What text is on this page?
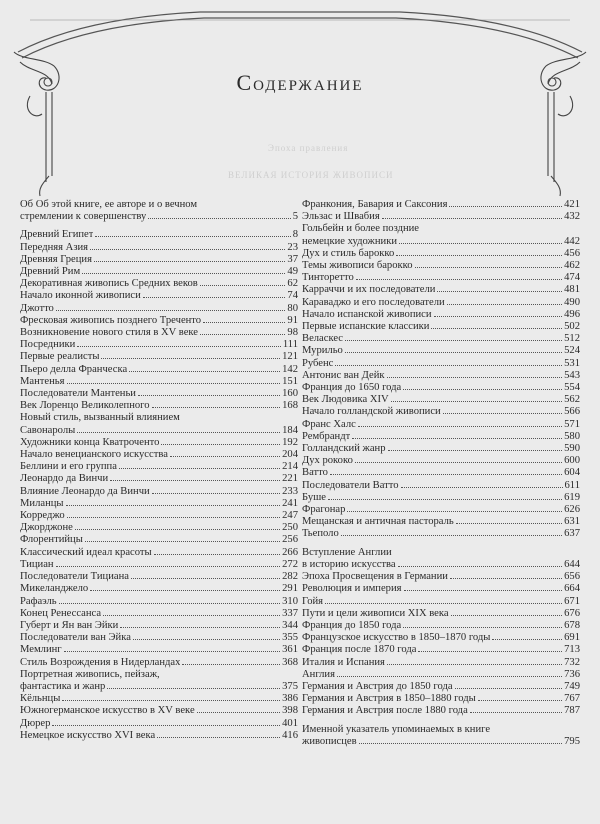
Содержание
Эпоха правления
ВЕЛИКАЯ ИСТОРИЯ ЖИВОПИСИ
Об Об этой книге, ее авторе и о вечном
стремлении к совершенству	5
Древний Египет	8
Передняя Азия	23
Древняя Греция	37
Древний Рим	49
Декоративная живопись Средних веков	62
Начало иконной живописи	74
Джотто	80
Фресковая живопись позднего Треченто	91
Возникновение нового стиля в XV веке	98
Посредники	111
Первые реалисты	121
Пьеро делла Франческа	142
Мантенья	151
Последователи Мантеньи	160
Век Лоренцо Великолепного	168
Новый стиль, вызванный влиянием
Савонаролы	184
Художники конца Кватроченто	192
Начало венецианского искусства	204
Беллини и его группа	214
Леонардо да Винчи	221
Влияние Леонардо да Винчи	233
Миланцы	241
Корреджо	247
Джорджоне	250
Флорентийцы	256
Классический идеал красоты	266
Тициан	272
Последователи Тициана	282
Микеланджело	291
Рафаэль	310
Конец Ренессанса	337
Губерт и Ян ван Эйки	344
Последователи ван Эйка	355
Мемлинг	361
Стиль Возрождения в Нидерландах	368
Портретная живопись, пейзаж,
фантастика и жанр	375
Кёльнцы	386
Южногерманское искусство в XV веке	398
Дюрер	401
Немецкое искусство XVI века	416
Франкония, Бавария и Саксония	421
Эльзас и Швабия	432
Гольбейн и более поздние
немецкие художники	442
Дух и стиль барокко	456
Темы живописи барокко	462
Тинторетто	474
Карраччи и их последователи	481
Караваджо и его последователи	490
Начало испанской живописи	496
Первые испанские классики	502
Веласкес	512
Мурильо	524
Рубенс	531
Антонис ван Дейк	543
Франция до 1650 года	554
Век Людовика XIV	562
Начало голландской живописи	566
Франс Халс	571
Рембрандт	580
Голландский жанр	590
Дух рококо	600
Ватто	604
Последователи Ватто	611
Буше	619
Фрагонар	626
Мещанская и античная пастораль	631
Тьеполо	637
Вступление Англии
в историю искусства	644
Эпоха Просвещения в Германии	656
Революция и империя	664
Гойя	671
Пути и цели живописи XIX века	676
Франция до 1850 года	678
Французское искусство в 1850–1870 годы	691
Франция после 1870 года	713
Италия и Испания	732
Англия	736
Германия и Австрия до 1850 года	749
Германия и Австрия в 1850–1880 годы	767
Германия и Австрия после 1880 года	787
Именной указатель упоминаемых в книге
живописцев	795
